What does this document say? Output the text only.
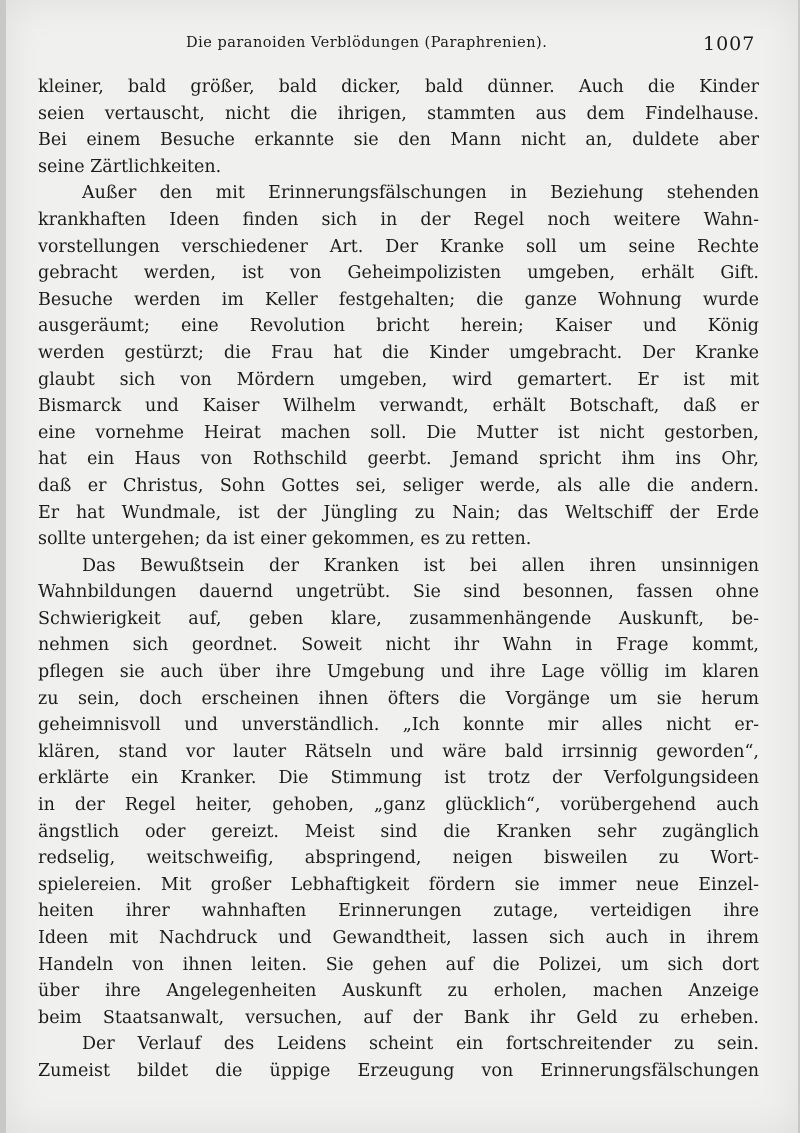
Die paranoiden Verblödungen (Paraphrenien).	1007
kleiner, bald größer, bald dicker, bald dünner. Auch die Kinder
seien vertauscht, nicht die ihrigen, stammten aus dem Findelhause.
Bei einem Besuche erkannte sie den Mann nicht an, duldete aber
seine Zärtlichkeiten.
Außer den mit Erinnerungsfälschungen in Beziehung stehenden
krankhaften Ideen finden sich in der Regel noch weitere Wahn-
vorstellungen verschiedener Art. Der Kranke soll um seine Rechte
gebracht werden, ist von Geheimpolizisten umgeben, erhält Gift.
Besuche werden im Keller festgehalten; die ganze Wohnung wurde
ausgeräumt; eine Revolution bricht herein; Kaiser und König
werden gestürzt; die Frau hat die Kinder umgebracht. Der Kranke
glaubt sich von Mördern umgeben, wird gemartert. Er ist mit
Bismarck und Kaiser Wilhelm verwandt, erhält Botschaft, daß er
eine vornehme Heirat machen soll. Die Mutter ist nicht gestorben,
hat ein Haus von Rothschild geerbt. Jemand spricht ihm ins Ohr,
daß er Christus, Sohn Gottes sei, seliger werde, als alle die andern.
Er hat Wundmale, ist der Jüngling zu Nain; das Weltschiff der Erde
sollte untergehen; da ist einer gekommen, es zu retten.
Das Bewußtsein der Kranken ist bei allen ihren unsinnigen
Wahnbildungen dauernd ungetrübt. Sie sind besonnen, fassen ohne
Schwierigkeit auf, geben klare, zusammenhängende Auskunft, be-
nehmen sich geordnet. Soweit nicht ihr Wahn in Frage kommt,
pflegen sie auch über ihre Umgebung und ihre Lage völlig im klaren
zu sein, doch erscheinen ihnen öfters die Vorgänge um sie herum
geheimnisvoll und unverständlich. „Ich konnte mir alles nicht er-
klären, stand vor lauter Rätseln und wäre bald irrsinnig geworden“,
erklärte ein Kranker. Die Stimmung ist trotz der Verfolgungsideen
in der Regel heiter, gehoben, „ganz glücklich“, vorübergehend auch
ängstlich oder gereizt. Meist sind die Kranken sehr zugänglich
redselig, weitschweifig, abspringend, neigen bisweilen zu Wort-
spielereien. Mit großer Lebhaftigkeit fördern sie immer neue Einzel-
heiten ihrer wahnhaften Erinnerungen zutage, verteidigen ihre
Ideen mit Nachdruck und Gewandtheit, lassen sich auch in ihrem
Handeln von ihnen leiten. Sie gehen auf die Polizei, um sich dort
über ihre Angelegenheiten Auskunft zu erholen, machen Anzeige
beim Staatsanwalt, versuchen, auf der Bank ihr Geld zu erheben.
Der Verlauf des Leidens scheint ein fortschreitender zu sein.
Zumeist bildet die üppige Erzeugung von Erinnerungsfälschungen
